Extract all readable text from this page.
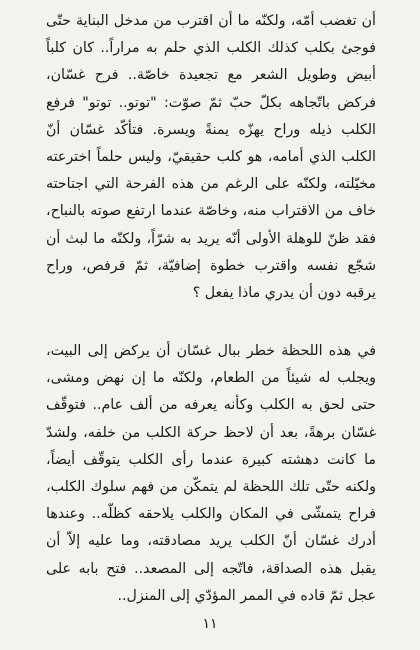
أن تغضب أمّه، ولكنّه ما أن اقترب من مدخل البناية حتّى فوجئ بكلب كذلك الكلب الذي حلم به مراراً.. كان كلباً أبيض وطويل الشعر مع تجعيدة خاصّة.. فرح غسّان، فركض باتّجاهه بكلّ حبّ ثمّ صوّت: "توتو.. توتو" فرفع الكلب ذيله وراح يهزّه يمنةً ويسرة. فتأكّد غسّان أنّ الكلب الذي أمامه، هو كلب حقيقيّ، وليس حلماً اخترعته مخيّلته، ولكنّه على الرغم من هذه الفرحة التي اجتاحته خاف من الاقتراب منه، وخاصّة عندما ارتفع صوته بالنباح، فقد ظنّ للوهلة الأولى أنّه يريد به شرّاً، ولكنّه ما لبث أن شجّع نفسه واقترب خطوة إضافيّة، ثمّ قرفص، وراح يرقبه دون أن يدري ماذا يفعل ؟

في هذه اللحظة خطر ببال غسّان أن يركض إلى البيت، ويجلب له شيئاً من الطعام، ولكنّه ما إن نهض ومشى، حتى لحق به الكلب وكأنه يعرفه من ألف عام.. فتوقّف غسّان برهةً، بعد أن لاحظ حركة الكلب من خلفه، ولشدّ ما كانت دهشته كبيرة عندما رأى الكلب يتوقّف أيضاً، ولكنه حتّى تلك اللحظة لم يتمكّن من فهم سلوك الكلب، فراح يتمشّى في المكان والكلب يلاحقه كظلّه.. وعندها أدرك غسّان أنّ الكلب يريد مصادقته، وما عليه إلاّ أن يقبل هذه الصداقة، فاتّجه إلى المصعد.. فتح بابه على عجل ثمّ قاده في الممر المؤدّي إلى المنزل..

١١
